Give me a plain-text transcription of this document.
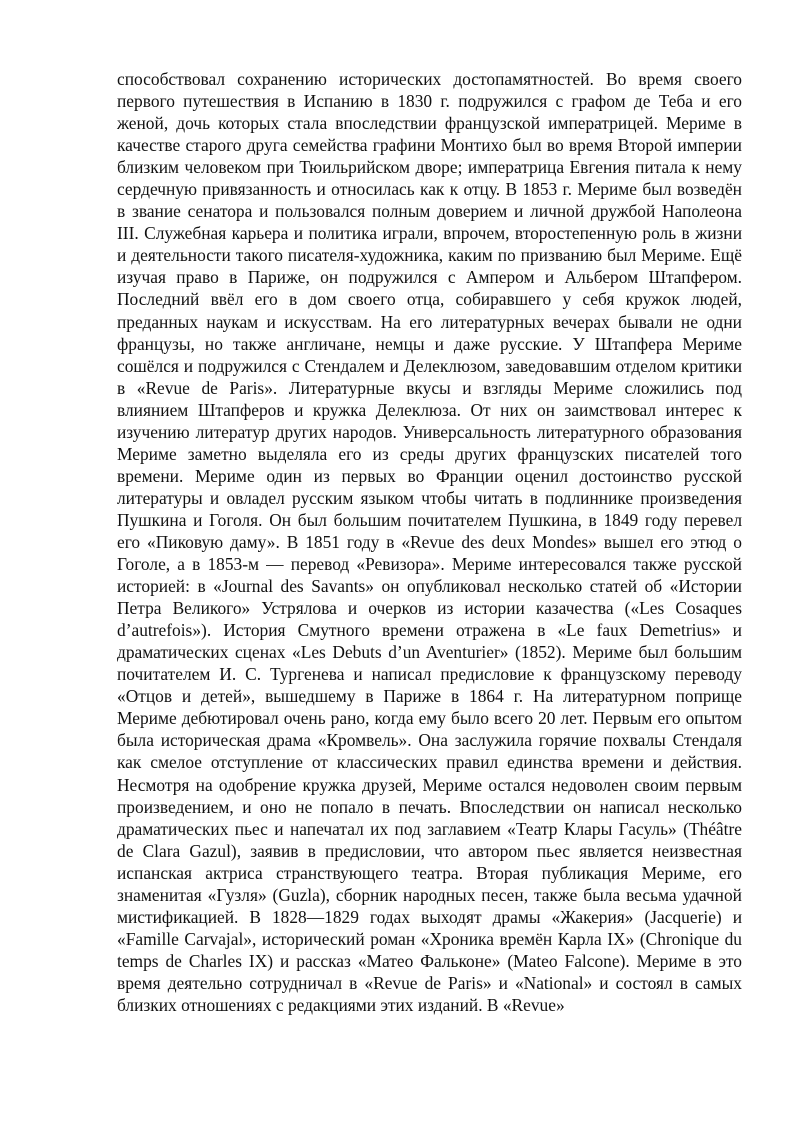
способствовал сохранению исторических достопамятностей. Во время своего первого путешествия в Испанию в 1830 г. подружился с графом де Теба и его женой, дочь которых стала впоследствии французской императрицей. Мериме в качестве старого друга семейства графини Монтихо был во время Второй империи близким человеком при Тюильрийском дворе; императрица Евгения питала к нему сердечную привязанность и относилась как к отцу. В 1853 г. Мериме был возведён в звание сенатора и пользовался полным доверием и личной дружбой Наполеона III. Служебная карьера и политика играли, впрочем, второстепенную роль в жизни и деятельности такого писателя-художника, каким по призванию был Мериме. Ещё изучая право в Париже, он подружился с Ампером и Альбером Штапфером. Последний ввёл его в дом своего отца, собиравшего у себя кружок людей, преданных наукам и искусствам. На его литературных вечерах бывали не одни французы, но также англичане, немцы и даже русские. У Штапфера Мериме сошёлся и подружился с Стендалем и Делеклюзом, заведовавшим отделом критики в «Revue de Paris». Литературные вкусы и взгляды Мериме сложились под влиянием Штапферов и кружка Делеклюза. От них он заимствовал интерес к изучению литератур других народов. Универсальность литературного образования Мериме заметно выделяла его из среды других французских писателей того времени. Мериме один из первых во Франции оценил достоинство русской литературы и овладел русским языком чтобы читать в подлиннике произведения Пушкина и Гоголя. Он был большим почитателем Пушкина, в 1849 году перевел его «Пиковую даму». В 1851 году в «Revue des deux Mondes» вышел его этюд о Гоголе, а в 1853-м — перевод «Ревизора». Мериме интересовался также русской историей: в «Journal des Savants» он опубликовал несколько статей об «Истории Петра Великого» Устрялова и очерков из истории казачества («Les Cosaques d’autrefois»). История Смутного времени отражена в «Le faux Demetrius» и драматических сценах «Les Debuts d’un Aventurier» (1852). Мериме был большим почитателем И. С. Тургенева и написал предисловие к французскому переводу «Отцов и детей», вышедшему в Париже в 1864 г. На литературном поприще Мериме дебютировал очень рано, когда ему было всего 20 лет. Первым его опытом была историческая драма «Кромвель». Она заслужила горячие похвалы Стендаля как смелое отступление от классических правил единства времени и действия. Несмотря на одобрение кружка друзей, Мериме остался недоволен своим первым произведением, и оно не попало в печать. Впоследствии он написал несколько драматических пьес и напечатал их под заглавием «Театр Клары Гасуль» (Théâtre de Clara Gazul), заявив в предисловии, что автором пьес является неизвестная испанская актриса странствующего театра. Вторая публикация Мериме, его знаменитая «Гузля» (Guzla), сборник народных песен, также была весьма удачной мистификацией. В 1828—1829 годах выходят драмы «Жакерия» (Jacquerie) и «Famille Carvajal», исторический роман «Хроника времён Карла IX» (Chronique du temps de Charles IX) и рассказ «Матео Фальконе» (Mateo Falcone). Мериме в это время деятельно сотрудничал в «Revue de Paris» и «National» и состоял в самых близких отношениях с редакциями этих изданий. В «Revue»
